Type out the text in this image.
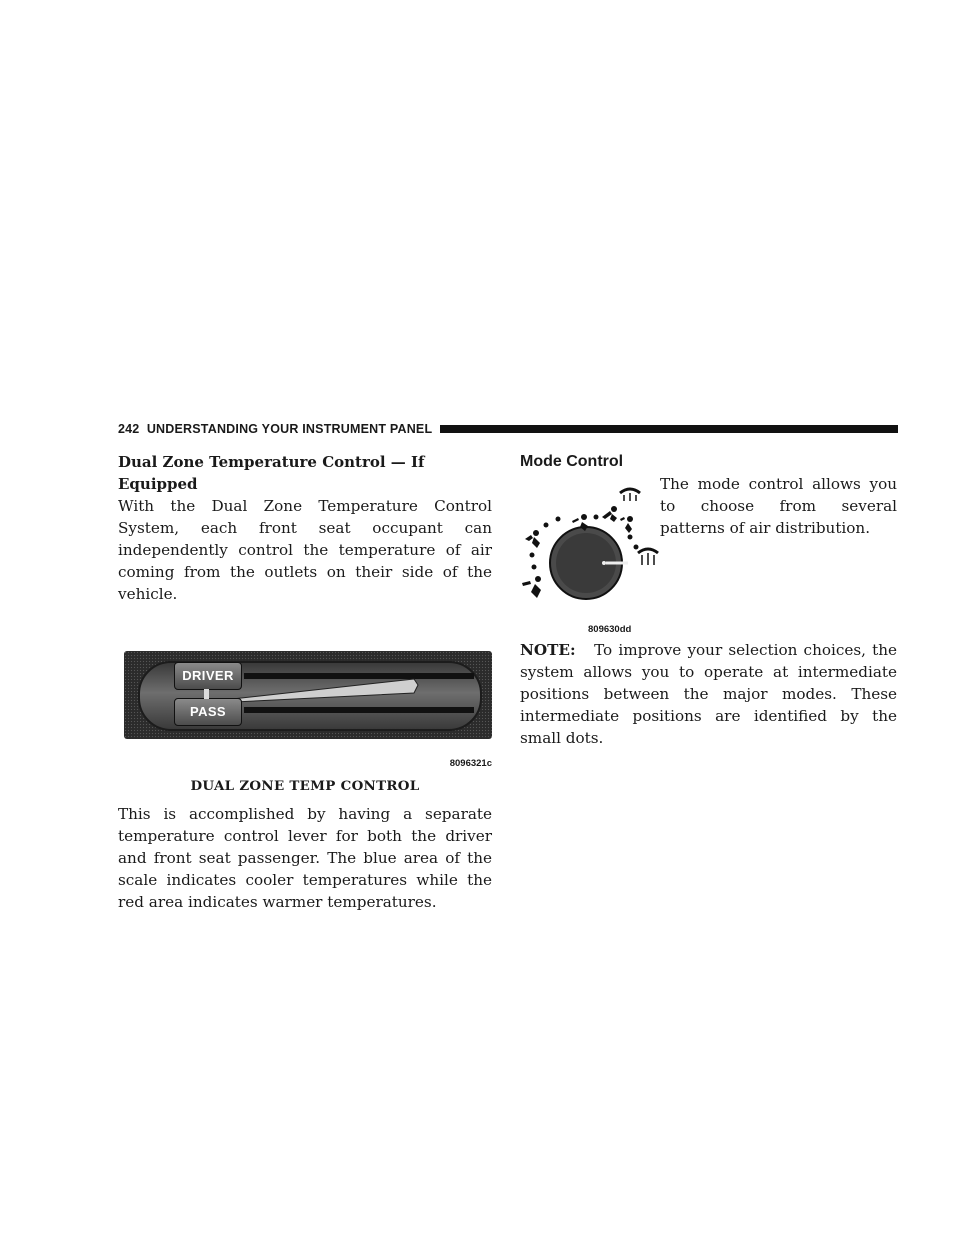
242 UNDERSTANDING YOUR INSTRUMENT PANEL
Dual Zone Temperature Control — If Equipped

With the Dual Zone Temperature Control System, each front seat occupant can independently control the temperature of air coming from the outlets on their side of the vehicle.

DRIVER
PASS
8096321c
DUAL ZONE TEMP CONTROL

This is accomplished by having a separate temperature control lever for both the driver and front seat passenger. The blue area of the scale indicates cooler temperatures while the red area indicates warmer temperatures.

Mode Control
809630dd

The mode control allows you to choose from several patterns of air distribution.

NOTE: To improve your selection choices, the system allows you to operate at intermediate positions between the major modes. These intermediate positions are identified by the small dots.
